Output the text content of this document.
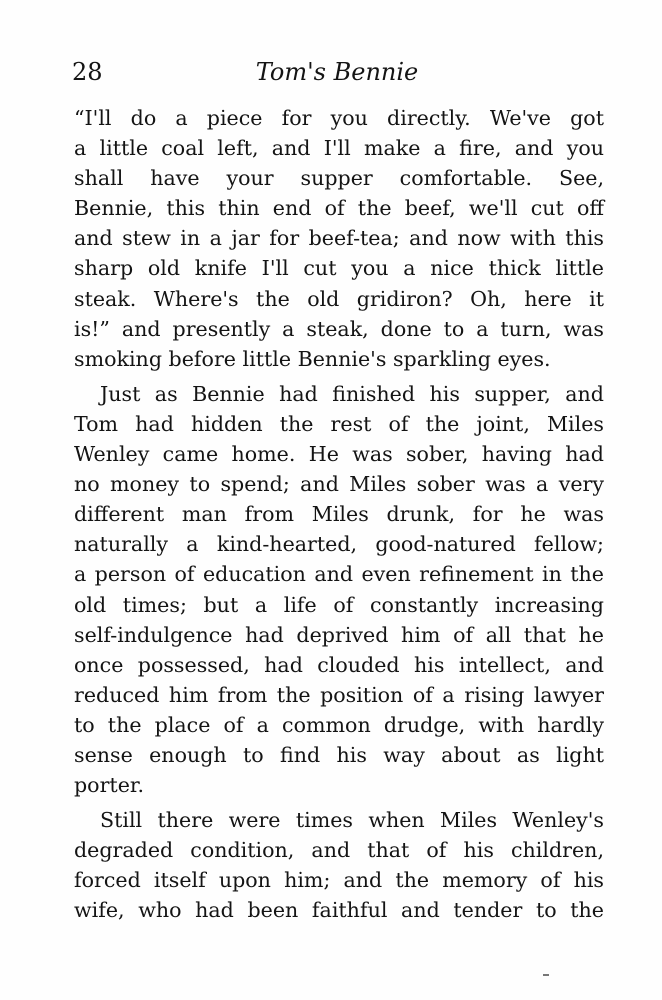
28	Tom's Bennie
“I'll do a piece for you directly. We've got
a little coal left, and I'll make a fire, and you
shall have your supper comfortable. See,
Bennie, this thin end of the beef, we'll cut off
and stew in a jar for beef-tea; and now with this
sharp old knife I'll cut you a nice thick little
steak. Where's the old gridiron? Oh, here it
is!” and presently a steak, done to a turn, was
smoking before little Bennie's sparkling eyes.
Just as Bennie had finished his supper, and
Tom had hidden the rest of the joint, Miles
Wenley came home. He was sober, having had
no money to spend; and Miles sober was a very
different man from Miles drunk, for he was
naturally a kind-hearted, good-natured fellow;
a person of education and even refinement in the
old times; but a life of constantly increasing
self-indulgence had deprived him of all that he
once possessed, had clouded his intellect, and
reduced him from the position of a rising lawyer
to the place of a common drudge, with hardly
sense enough to find his way about as light
porter.
Still there were times when Miles Wenley's
degraded condition, and that of his children,
forced itself upon him; and the memory of his
wife, who had been faithful and tender to the
